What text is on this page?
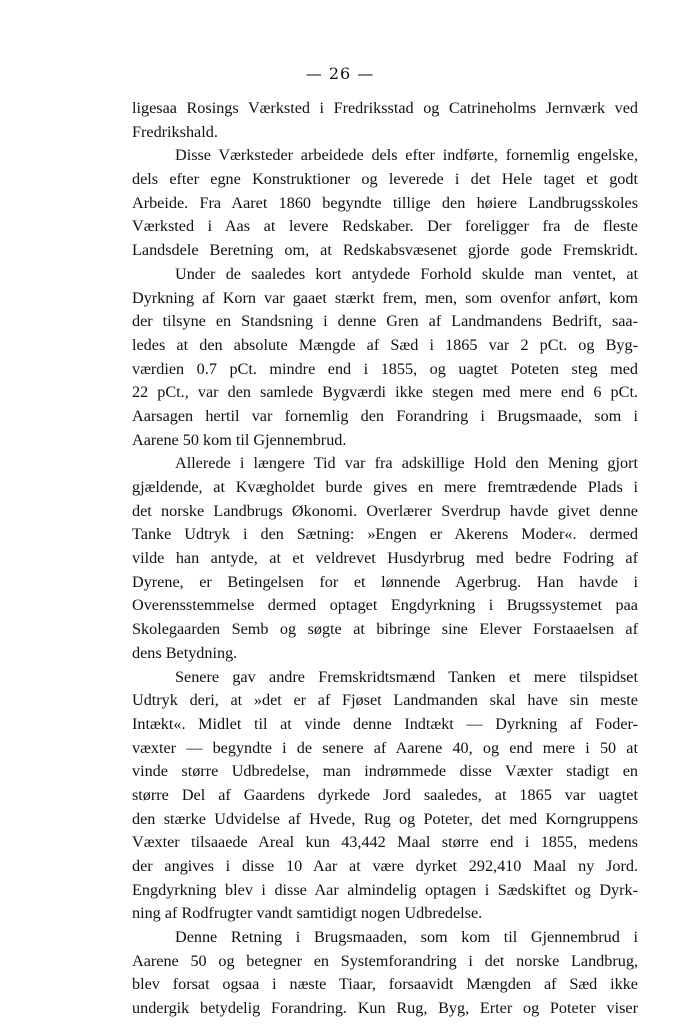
— 26 —
ligesaa Rosings Værksted i Fredriksstad og Catrineholms Jernværk ved
Fredrikshald.
Disse Værksteder arbeidede dels efter indførte, fornemlig engelske,
dels efter egne Konstruktioner og leverede i det Hele taget et godt
Arbeide. Fra Aaret 1860 begyndte tillige den høiere Landbrugsskoles
Værksted i Aas at levere Redskaber. Der foreligger fra de fleste
Landsdele Beretning om, at Redskabsvæsenet gjorde gode Fremskridt.
Under de saaledes kort antydede Forhold skulde man ventet, at
Dyrkning af Korn var gaaet stærkt frem, men, som ovenfor anført, kom
der tilsyne en Standsning i denne Gren af Landmandens Bedrift, saa-
ledes at den absolute Mængde af Sæd i 1865 var 2 pCt. og Byg-
værdien 0.7 pCt. mindre end i 1855, og uagtet Poteten steg med
22 pCt., var den samlede Bygværdi ikke stegen med mere end 6 pCt.
Aarsagen hertil var fornemlig den Forandring i Brugsmaade, som i
Aarene 50 kom til Gjennembrud.
Allerede i længere Tid var fra adskillige Hold den Mening gjort
gjældende, at Kvægholdet burde gives en mere fremtrædende Plads i
det norske Landbrugs Økonomi. Overlærer Sverdrup havde givet denne
Tanke Udtryk i den Sætning: »Engen er Akerens Moder«. dermed
vilde han antyde, at et veldrevet Husdyrbrug med bedre Fodring af
Dyrene, er Betingelsen for et lønnende Agerbrug. Han havde i
Overensstemmelse dermed optaget Engdyrkning i Brugssystemet paa
Skolegaarden Semb og søgte at bibringe sine Elever Forstaaelsen af
dens Betydning.
Senere gav andre Fremskridtsmænd Tanken et mere tilspidset
Udtryk deri, at »det er af Fjøset Landmanden skal have sin meste
Intækt«. Midlet til at vinde denne Indtækt — Dyrkning af Foder-
væxter — begyndte i de senere af Aarene 40, og end mere i 50 at
vinde større Udbredelse, man indrømmede disse Væxter stadigt en
større Del af Gaardens dyrkede Jord saaledes, at 1865 var uagtet
den stærke Udvidelse af Hvede, Rug og Poteter, det med Korngruppens
Væxter tilsaaede Areal kun 43,442 Maal større end i 1855, medens
der angives i disse 10 Aar at være dyrket 292,410 Maal ny Jord.
Engdyrkning blev i disse Aar almindelig optagen i Sædskiftet og Dyrk-
ning af Rodfrugter vandt samtidigt nogen Udbredelse.
Denne Retning i Brugsmaaden, som kom til Gjennembrud i
Aarene 50 og betegner en Systemforandring i det norske Landbrug,
blev forsat ogsaa i næste Tiaar, forsaavidt Mængden af Sæd ikke
undergik betydelig Forandring. Kun Rug, Byg, Erter og Poteter viser
